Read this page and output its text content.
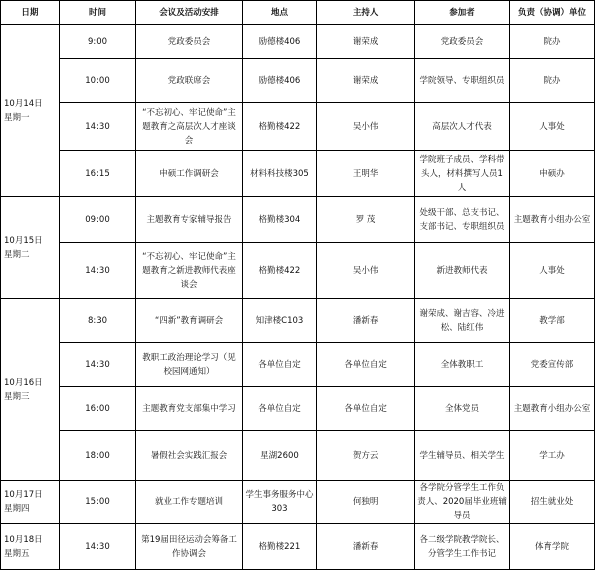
日期	时间	会议及活动安排	地点	主持人	参加者	负责（协调）单位

10月14日
星期一	9:00	党政委员会	励德楼406	谢荣成	党政委员会	院办
	10:00	党政联席会	励德楼406	谢荣成	学院领导、专职组织员	院办
	14:30	“不忘初心、牢记使命”主题教育之高层次人才座谈会	格勤楼422	吴小伟	高层次人才代表	人事处
	16:15	申硕工作调研会	材料科技楼305	王明华	学院班子成员、学科带头人，材料撰写人员1人	申硕办

10月15日
星期二	09:00	主题教育专家辅导报告	格勤楼304	罗 茂	处级干部、总支书记、支部书记、专职组织员	主题教育小组办公室
	14:30	“不忘初心、牢记使命”主题教育之新进教师代表座谈会	格勤楼422	吴小伟	新进教师代表	人事处

10月16日
星期三	8:30	“四新”教育调研会	知津楼C103	潘新春	谢荣成、谢吉容、冷进松、陆红伟	教学部
	14:30	教职工政治理论学习（见校园网通知）	各单位自定	各单位自定	全体教职工	党委宣传部
	16:00	主题教育党支部集中学习	各单位自定	各单位自定	全体党员	主题教育小组办公室
	18:00	暑假社会实践汇报会	星湖2600	贺方云	学生辅导员、相关学生	学工办

10月17日
星期四	15:00	就业工作专题培训	学生事务服务中心303	何独明	各学院分管学生工作负责人、2020届毕业班辅导员	招生就业处

10月18日
星期五	14:30	第19届田径运动会筹备工作协调会	格勤楼221	潘新春	各二级学院教学院长、分管学生工作书记	体育学院
